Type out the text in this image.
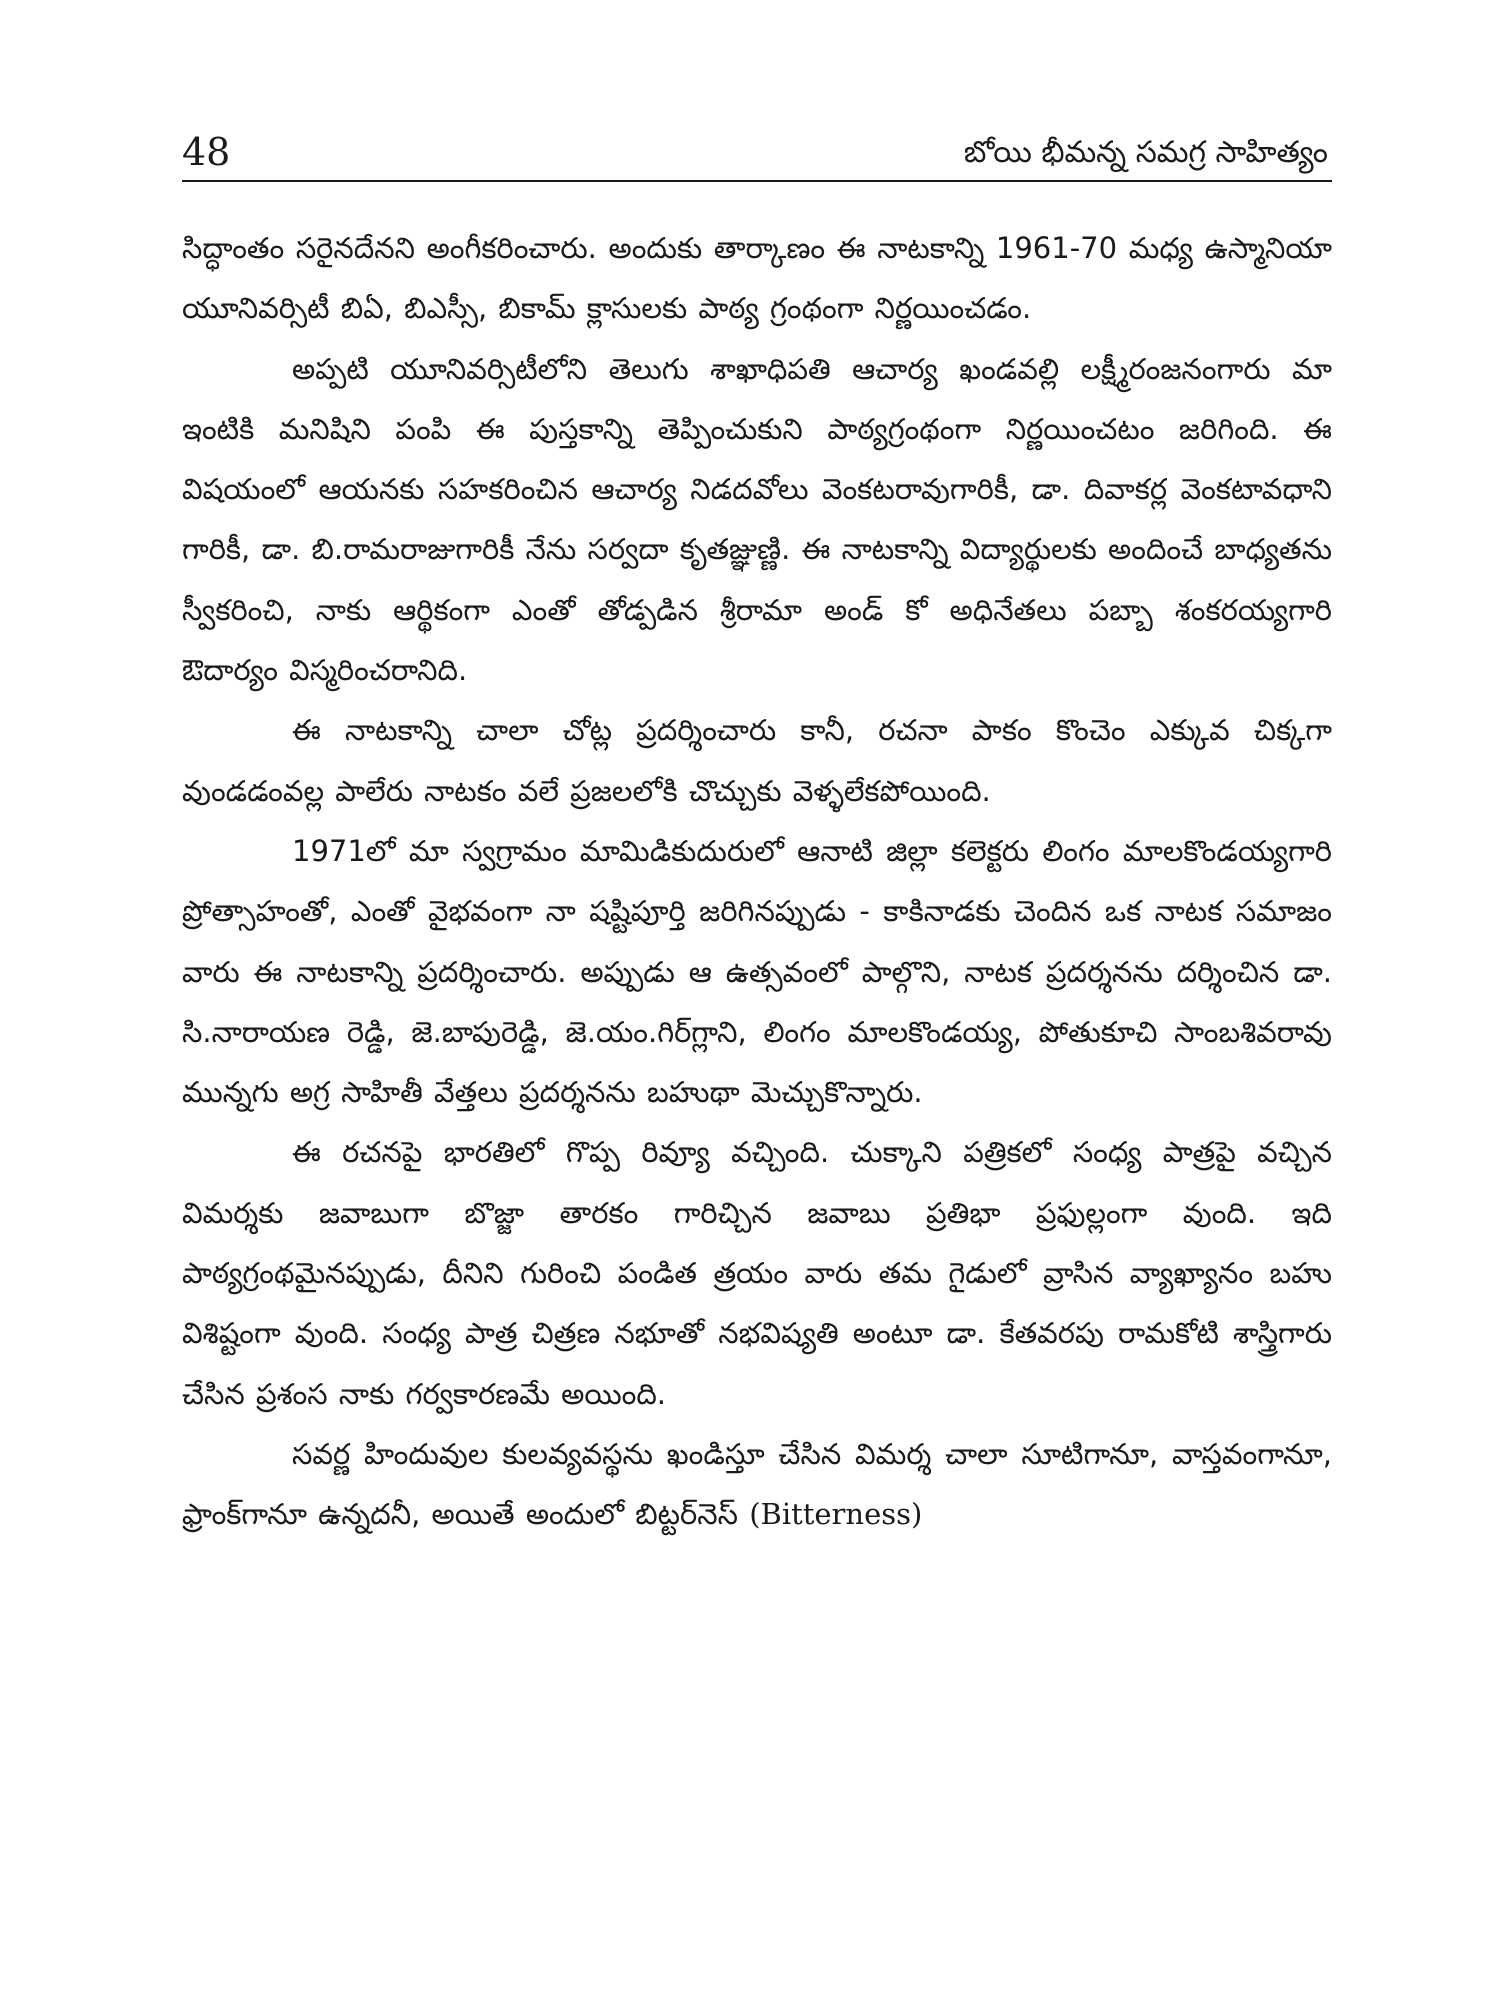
48	బోయి భీమన్న సమగ్ర సాహిత్యం

సిద్ధాంతం సరైనదేనని అంగీకరించారు. అందుకు తార్కాణం ఈ నాటకాన్ని 1961-70 మధ్య ఉస్మానియా యూనివర్సిటీ బిఏ, బిఎస్సీ, బికామ్ క్లాసులకు పాఠ్య గ్రంథంగా నిర్ణయించడం.

అప్పటి యూనివర్సిటీలోని తెలుగు శాఖాధిపతి ఆచార్య ఖండవల్లి లక్ష్మీరంజనంగారు మా ఇంటికి మనిషిని పంపి ఈ పుస్తకాన్ని తెప్పించుకుని పాఠ్యగ్రంథంగా నిర్ణయించటం జరిగింది. ఈ విషయంలో ఆయనకు సహకరించిన ఆచార్య నిడదవోలు వెంకటరావుగారికీ, డా. దివాకర్ల వెంకటావధాని గారికీ, డా. బి.రామరాజుగారికీ నేను సర్వదా కృతజ్ఞుణ్ణి. ఈ నాటకాన్ని విద్యార్థులకు అందించే బాధ్యతను స్వీకరించి, నాకు ఆర్థికంగా ఎంతో తోడ్పడిన శ్రీరామా అండ్ కో అధినేతలు పబ్బా శంకరయ్యగారి ఔదార్యం విస్మరించరానిది.

ఈ నాటకాన్ని చాలా చోట్ల ప్రదర్శించారు కానీ, రచనా పాకం కొంచెం ఎక్కువ చిక్కగా వుండడంవల్ల పాలేరు నాటకం వలే ప్రజలలోకి చొచ్చుకు వెళ్ళలేకపోయింది.

1971లో మా స్వగ్రామం మామిడికుదురులో ఆనాటి జిల్లా కలెక్టరు లింగం మాలకొండయ్యగారి ప్రోత్సాహంతో, ఎంతో వైభవంగా నా షష్టిపూర్తి జరిగినప్పుడు - కాకినాడకు చెందిన ఒక నాటక సమాజం వారు ఈ నాటకాన్ని ప్రదర్శించారు. అప్పుడు ఆ ఉత్సవంలో పాల్గొని, నాటక ప్రదర్శనను దర్శించిన డా. సి.నారాయణ రెడ్డి, జె.బాపురెడ్డి, జె.యం.గిర్‌గ్లాని, లింగం మాలకొండయ్య, పోతుకూచి సాంబశివరావు మున్నగు అగ్ర సాహితీ వేత్తలు ప్రదర్శనను బహుథా మెచ్చుకొన్నారు.

ఈ రచనపై భారతిలో గొప్ప రివ్యూ వచ్చింది. చుక్కాని పత్రికలో సంధ్య పాత్రపై వచ్చిన విమర్శకు జవాబుగా బొజ్జా తారకం గారిచ్చిన జవాబు ప్రతిభా ప్రఫుల్లంగా వుంది. ఇది పాఠ్యగ్రంథమైనప్పుడు, దీనిని గురించి పండిత త్రయం వారు తమ గైడులో వ్రాసిన వ్యాఖ్యానం బహు విశిష్టంగా వుంది. సంధ్య పాత్ర చిత్రణ నభూతో నభవిష్యతి అంటూ డా. కేతవరపు రామకోటి శాస్త్రిగారు చేసిన ప్రశంస నాకు గర్వకారణమే అయింది.

సవర్ణ హిందువుల కులవ్యవస్థను ఖండిస్తూ చేసిన విమర్శ చాలా సూటిగానూ, వాస్తవంగానూ, ఫ్రాంక్‌గానూ ఉన్నదనీ, అయితే అందులో బిట్టర్‌నెస్ (Bitterness)
